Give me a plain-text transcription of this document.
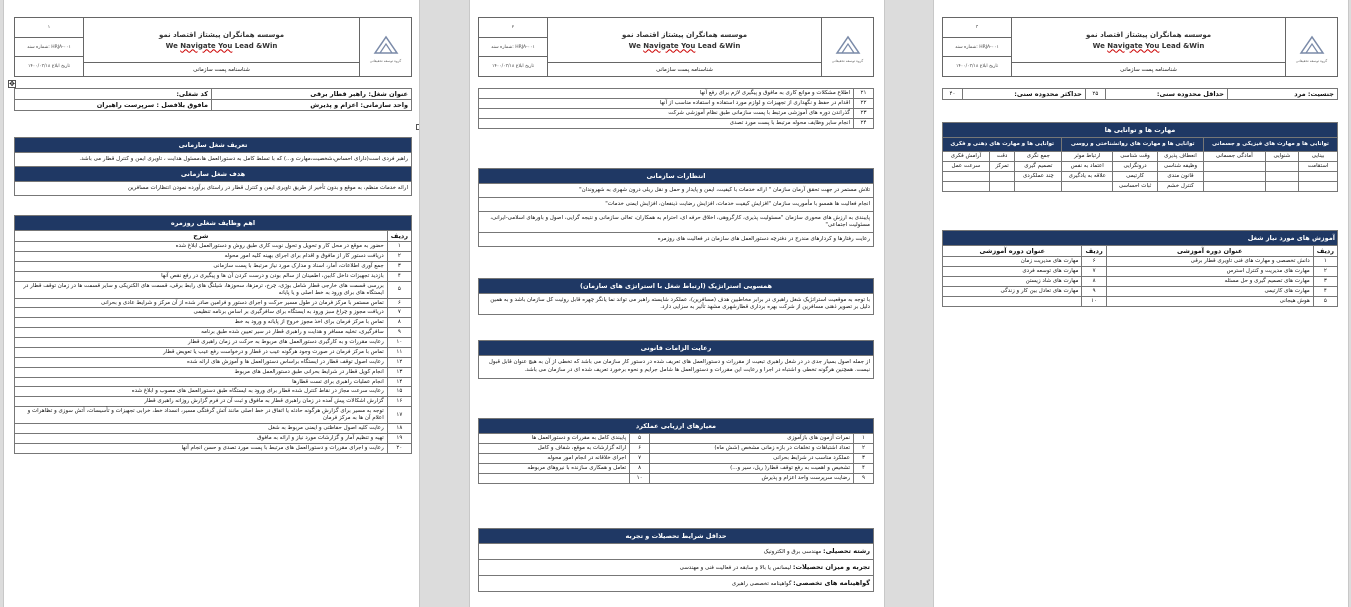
گروه توسعه تحقیقاتی
موسسه همانگران پیشتاز اقتصاد نمو
We Navigate You Lead &Win
شناسنامه پست سازمانی
۳
HRJA-۰۰۱ :شماره سند
تاریخ ابلاغ ۱۴۰۰/۰۳/۱۸
جنسیت: مرد	حداقل محدوده سنی:	۲۵	حداکثر محدوده سنی:	۴۰
مهارت ها و توانایی ها								
توانایی ها و مهارت های فیزیکی و جسمانی			توانایی ها و مهارت های روانشناختی و روسی			توانایی ها و مهارت های ذهنی و فکری		
بینایی	شنوایی	آمادگی جسمانی	انعطاف پذیری	وقت شناسی	ارتباط موثر	جمع نگری	دقت	آرامش فکری
استقامت			وظیفه شناسی	درونگرایی	اعتماد به نفس	تصمیم گیری	تمرکز	سرعت عمل
			قانون مندی	کارتیمی	علاقه به یادگیری	چند عملکردی		
			کنترل خشم	ثبات احساسی				
آموزش های مورد نیاز شغل			
ردیف	عنوان دوره آموزشی	ردیف	عنوان دوره آموزشی
۱	دانش تخصصی و مهارت های فنی تاویری قطار برقی	۶	مهارت های مدیریت زمان
۲	مهارت های مدیریت و کنترل استرس	۷	مهارت های توسعه فردی
۳	مهارت های تصمیم گیری و حل مسئله	۸	مهارت های شاد زیستن
۴	مهارت های کارتیمی	۹	مهارت های تعادل بین کار و زندگی
۵	هوش هیجانی	۱۰	
گروه توسعه تحقیقاتی
موسسه همانگران پیشتاز اقتصاد نمو
We Navigate You Lead &Win
شناسنامه پست سازمانی
۲
HRJA-۰۰۱ :شماره سند
تاریخ ابلاغ ۱۴۰۰/۰۳/۱۸
۲۱	اطلاع مشکلات و موانع کاری به مافوق و پیگیری لازم برای رفع آنها
۲۲	اقدام در حفظ و نگهداری از تجهیزات و لوازم مورد استفاده و استفاده مناسب از آنها
۲۳	گذراندن دوره های آموزشی مرتبط با پست سازمانی طبق نظام آموزشی شرکت
۲۴	انجام سایر وظایف محوله مرتبط با پست مورد تصدی
انتظارات سازمانی
تلاش مستمر در جهت تحقق آرمان سازمان " ارائه خدمات با کیفیت، ایمن و پایدار و حمل و نقل ریلی درون شهری به شهروندان"
انجام فعالیت ها همسو با مأموریت سازمان "افزایش کیفیت خدمات، افزایش رضایت ذینفعان، افزایش ایمنی خدمات"
پایبندی به ارزش های محوری سازمان "مسئولیت پذیری، کارگروهی، اخلاق حرفه ای، احترام به همکاران، تعالی سازمانی و نتیجه گرایی، اصول و باورهای اسلامی-ایرانی، مسئولیت اجتماعی"
رعایت رفتارها و کردارهای مندرج در دفترچه دستورالعمل های سازمان در فعالیت های روزمره
همسویی استراتژیک (ارتباط شغل با استراتژی های سازمان)
با توجه به موقعیت استراتژیک شغل راهبری در برابر مخاطبین هدف (مسافرین)، عملکرد شایسته راهبر می تواند نما یانگر چهره قابل روئیت کل سازمان باشد و به همین دلیل بر تصویر ذهنی مسافرین از شرکت بهره برداری قطارشهری مشهد تأثیر به سزایی دارد.
رعایت الزامات قانونی
از جمله اصول بسیار جدی در در شغل راهبری تبعیت از مقررات و دستورالعمل های تعریف شده در دستور کار سازمان می باشد که تخطی از آن به هیچ عنوان قابل قبول نیست. همچنین هرگونه تخطی و اشتباه در اجرا و رعایت این مقررات و دستورالعمل ها شامل جرایم و نحوه برخورد تعریف شده ای در سازمان می باشد.
معیارهای ارزیابی عملکرد			
۱	نمرات آزمون های بازآموزی	۵	پایبندی کامل به مقررات و دستورالعمل ها
۲	تعداد اشتباهات و تخلفات در بازه زمانی مشخص (شش ماه)	۶	ارائه گزارشات به موقع، شفاف و کامل
۳	عملکرد مناسب در شرایط بحرانی	۷	اجرای خلاقانه در انجام امور محوله
۴	تشخیص و اهمیت به رفع توقف قطار( ریل، سیر و...)	۸	تعامل و همکاری سازنده با نیروهای مربوطه
۹	رضایت سرپرست واحد اعزام و پذیرش	۱۰	
حداقل شرایط تحصیلات و تجربه
رشته تحصیلی: مهندسی برق و الکترونیک
تجربه و میزان تحصیلات: لیسانس یا بالا و سابقه در فعالیت فنی و مهندسی
گواهینامه های تخصصی: گواهینامه تخصصی راهبری
گروه توسعه تحقیقاتی
موسسه همانگران پیشتاز اقتصاد نمو
We Navigate You Lead &Win
شناسنامه پست سازمانی
۱
HRJA-۰۰۱ :شماره سند
تاریخ ابلاغ ۱۴۰۰/۰۳/۱۸
✥
عنوان شغل: راهبر قطار برقی	کد شغلی:
واحد سازمانی: اعزام و پذیرش	مافوق بلافصل : سرپرست راهبران
تعریف شغل سازمانی
راهبر فردی است(دارای احساس،شخصیت،مهارت و...) که با تسلط کامل به دستورالعمل ها،مسئول هدایت ، تاویری ایمن و کنترل قطار می باشد.
هدف شغل سازمانی
ارائه خدمات منظم، به موقع و بدون تأخیر از طریق تاویری ایمن و کنترل قطار در راستای برآورده نمودن انتظارات مسافرین
اهم وظایف شغلی روزمره	
ردیف	شرح
۱	حضور به موقع در محل کار و تحویل و تحول نوبت کاری طبق روش و دستورالعمل ابلاغ شده
۲	دریافت دستور کار از مافوق و اقدام برای اجرای بهینه کلیه امور محوله
۳	جمع آوری اطلاعات، آمار، اسناد و مدارک مورد نیاز مرتبط با پست سازمانی
۴	بازدید تجهیزات داخل کابین، اطمینان از سالم بودن و درست کردن آن ها و پیگیری در رفع نقص آنها
۵	بررسی قسمت های خارجی قطار شامل بوژی، چرخ، ترمزها، سحوزها، شیلنگ های رابط برقی، قسمت های الکتریکی و سایر قسمت ها در زمان توقف قطار در ایستگاه های برای ورود به خط اصلی و یا پایانه
۶	تماس مستمر با مرکز فرمان در طول مسیر حرکت و اجرای دستور و فرامین صادر شده از آن مرکز و شرایط عادی و بحرانی
۷	دریافت مجوز و چراغ سبز ورود به ایستگاه برای سافرگیری بر اساس برنامه تنظیمی
۸	تماس با مرکز فرمان برای اخذ مجوز خروج از پایانه و ورود به خط
۹	سافرگیری، تخلیه مسافر و هدایت و راهبری قطار در سیر تعیین شده طبق برنامه
۱۰	رعایت مقررات و به کارگیری دستورالعمل های مربوط به حرکت در زمان راهبری قطار
۱۱	تماس با مرکز فرمان در صورت وجود هرگونه عیب در قطار و درخواست رفع عیب یا تعویض قطار
۱۲	رعایت اصول توقف قطار در ایستگاه براساس دستورالعمل ها و آموزش های ارائه شده
۱۳	انجام کوپل قطار در شرایط بحرانی طبق دستورالعمل های مربوط
۱۴	انجام عملیات راهبری برای تست قطارها
۱۵	رعایت سرعت مجاز در نقاط کنترل شده قطار برای ورود به ایستگاه طبق دستورالعمل های مصوب و ابلاغ شده
۱۶	گزارش اشکالات پیش آمده در زمان راهبری قطار به مافوق و ثبت آن در فرم گزارش روزانه راهبری قطار
۱۷	توجه به مسیر برای گزارش هرگونه حادثه یا اتفاق در خط اصلی مانند آتش گرفتگی مسیر، انسداد خط، خرابی تجهیزات و تأسیسات، آتش سوزی و تظاهرات و اعلام آن ها به مرکز فرمان
۱۸	رعایت کلیه اصول حفاظتی و ایمنی مربوط به شغل
۱۹	تهیه و تنظیم آمار و گزارشات مورد نیاز و ارائه به مافوق
۲۰	رعایت و اجرای مقررات و دستورالعمل های مرتبط با پست مورد تصدی و حسن انجام آنها
